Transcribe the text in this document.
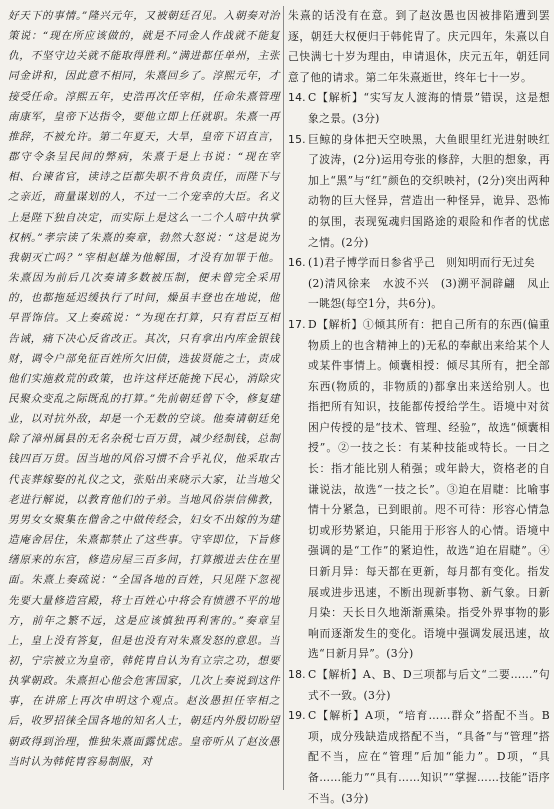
好天下的事情。”隆兴元年，又被朝廷召见。入朝奏对治策说：“现在所应该做的，就是不同金人作战就不能复仇，不坚守边关就不能取得胜利。”满进都任单州，主张同金讲和，因此意不相同，朱熹回乡了。淳熙元年，才接受任命。淳熙五年，史浩再次任宰相，任命朱熹管理南康军，皇帝下达指令，要他立即上任就职。朱熹一再推辞，不被允许。第二年夏天，大旱，皇帝下诏直言，郡守令条呈民间的弊病，朱熹于是上书说：“现在宰相、台谏省官，读诗之臣都失职不肯负责任，而陛下与之亲近，商量谋划的人，不过一二个宠幸的大臣。名义上是陛下独自决定，而实际上是这么一二个人暗中执掌权柄。”孝宗读了朱熹的奏章，勃然大怒说：“这是说为我朝灭亡吗？”宰相赵雄为他解围，才没有加罪于他。朱熹因为前后几次奏请多数被压制，便未曾完全采用的，也都拖延迟缓执行了时间，燥虽丰登也在地说，他早晋饰信。又上奏疏说：“为现在打算，只有君臣互相告诫，痛下决心反省改正。其次，只有拿出内库金银钱财，调令户部免征百姓所欠旧债，选拔贤能之士，责成他们实施救荒的政策，也许这样还能挽下民心，消除灾民聚众变乱之际既乱的打算。”先前朝廷曾下令，修复建业，以对抗外敌，却是一个无数的空谈。他奏请朝廷免除了漳州属县的无名杂税七百万贯，减少经制钱，总制钱四百万贯。因当地的风俗习惯不合乎礼仪，他采取古代丧葬嫁娶的礼仪之文，张贴出来晓示大家，让当地父老进行解说，以教育他们的子弟。当地风俗崇信佛教，男男女女聚集在僧舍之中做传经会，妇女不出嫁的为建造庵舍居住，朱熹都禁止了这些事。守宰即位，下旨修缮原来的东宫，修造房屋三百多间，打算搬进去住在里面。朱熹上奏疏说：“全国各地的百姓，只见陛下忽视先要大量修造宫殿，将士百姓心中将会有愤懑不平的地方，前年之繁不远，这是应该慎独再利害的。”奏章呈上，皇上没有答复，但是也没有对朱熹发怒的意思。当初，宁宗被立为皇帝，韩侂胄自认为有立宗之功，想要执掌朝政。朱熹担心他会危害国家，几次上奏说到这件事，在讲席上再次申明这个观点。赵汝愚担任宰相之后，收罗招徕全国各地的知名人士，朝廷内外殷切盼望朝政得到治理，惟独朱熹面露忧虑。皇帝听从了赵汝愚当时认为韩侂胄容易制服，对

朱熹的话没有在意。到了赵汝愚也因被排陷遭到罢逐，朝廷大权便归于韩侂胄了。庆元四年，朱熹以自己快满七十岁为理由，申请退休，庆元五年，朝廷同意了他的请求。第二年朱熹逝世，终年七十一岁。

14. C【解析】“实写友人渡海的情景”错误，这是想象之景。(3分)
15. 巨鲸的身体把天空映黑，大鱼眼里红光进射映红了波涛，(2分)运用夸张的修辞，大胆的想象，再加上“黑”与“红”颜色的交织映衬，(2分)突出两种动物的巨大怪异，营造出一种怪异，诡异、恐怖的氛围，表现冤魂归国路途的艰险和作者的忧虑之情。(2分)
16. (1)君子博学而日参省乎己　则知明而行无过矣
(2)清风徐来　水波不兴　(3)溯平洞辟翩　凤止一眺怨(每空1分，共6分)。
17. D【解析】①倾其所有：把自己所有的东西(偏重物质上的也含精神上的)无私的奉献出来给某个人或某件事情上。倾囊相授：倾尽其所有，把全部东西(物质的，非物质的)都拿出来送给别人。也指把所有知识，技能都传授给学生。语境中对贫困户传授的是“技术、管理、经验”，故选“倾囊相授”。②一技之长：有某种技能或特长。一日之长：指才能比别人稍强；或年龄大，资格老的自谦说法，故选“一技之长”。③迫在眉睫：比喻事情十分紧急，已到眼前。咫不可待：形容心情急切或形势紧迫，只能用于形容人的心情。语境中强调的是“工作”的紧迫性，故选“迫在眉睫”。④日新月异：每天都在更新，每月都有变化。指发展或进步迅速，不断出现新事物、新气象。日新月染：天长日久地渐渐熏染。指受外界事物的影响而逐渐发生的变化。语境中强调发展迅速，故选“日新月异”。(3分)
18. C【解析】A、B、D三项都与后文“二要……”句式不一致。(3分)
19. C【解析】A项，“培育……群众”搭配不当。B项，成分残缺造成搭配不当，“具备”与“管理”搭配不当，应在“管理”后加“能力”。D项，“具备……能力”“具有……知识”“掌握……技能”语序不当。(3分)
